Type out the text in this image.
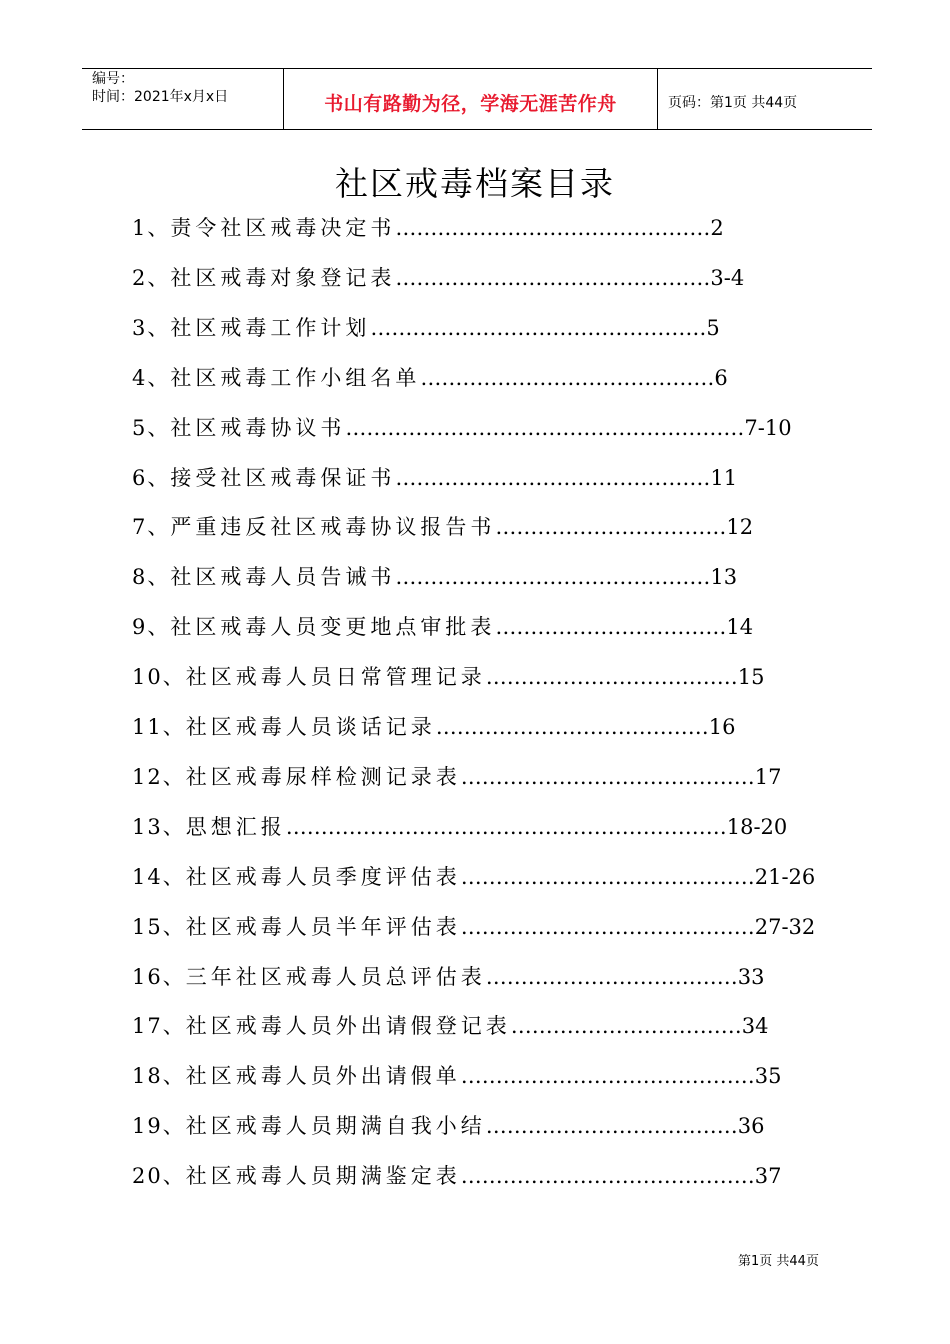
编号：
时间：2021年x月x日	书山有路勤为径，学海无涯苦作舟	页码：第1页 共44页
社区戒毒档案目录
1、责令社区戒毒决定书………………………………………2
2、社区戒毒对象登记表………………………………………3-4
3、社区戒毒工作计划…………………………………………5
4、社区戒毒工作小组名单……………………………………6
5、社区戒毒协议书…………………………………………………7-10
6、接受社区戒毒保证书………………………………………11
7、严重违反社区戒毒协议报告书……………………………12
8、社区戒毒人员告诫书………………………………………13
9、社区戒毒人员变更地点审批表……………………………14
10、社区戒毒人员日常管理记录………………………………15
11、社区戒毒人员谈话记录…………………………………16
12、社区戒毒尿样检测记录表……………………………………17
13、思想汇报………………………………………………………18-20
14、社区戒毒人员季度评估表……………………………………21-26
15、社区戒毒人员半年评估表……………………………………27-32
16、三年社区戒毒人员总评估表………………………………33
17、社区戒毒人员外出请假登记表……………………………34
18、社区戒毒人员外出请假单……………………………………35
19、社区戒毒人员期满自我小结………………………………36
20、社区戒毒人员期满鉴定表……………………………………37
第1页 共44页
